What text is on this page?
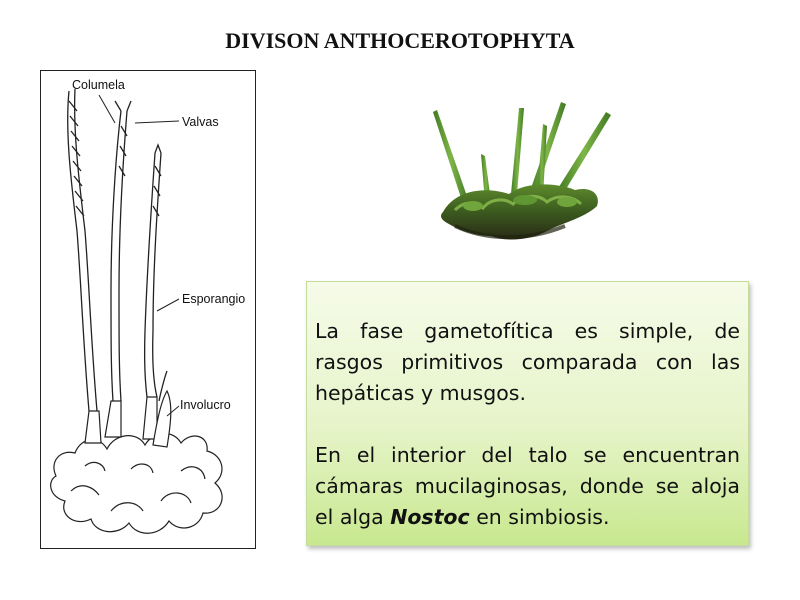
DIVISON ANTHOCEROTOPHYTA
Columela
Valvas
Esporangio
Involucro

La fase gametofítica es simple, de rasgos primitivos comparada con las hepáticas y musgos.

En el interior del talo se encuentran cámaras mucilaginosas, donde se aloja el alga Nostoc en simbiosis.
